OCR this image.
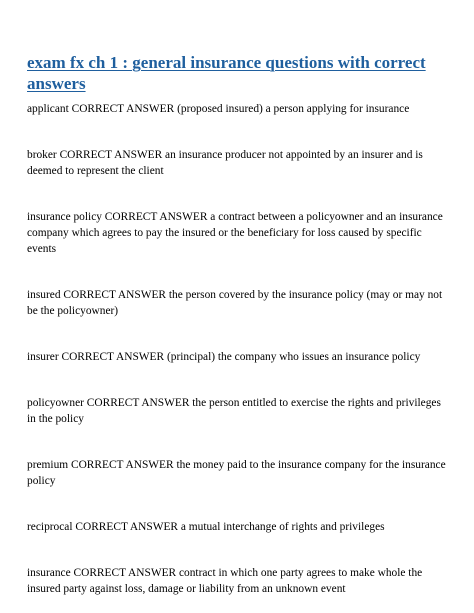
exam fx ch 1 : general insurance questions with correct answers

applicant CORRECT ANSWER (proposed insured) a person applying for insurance

broker CORRECT ANSWER an insurance producer not appointed by an insurer and is deemed to represent the client

insurance policy CORRECT ANSWER a contract between a policyowner and an insurance company which agrees to pay the insured or the beneficiary for loss caused by specific events

insured CORRECT ANSWER the person covered by the insurance policy (may or may not be the policyowner)

insurer CORRECT ANSWER (principal) the company who issues an insurance policy

policyowner CORRECT ANSWER the person entitled to exercise the rights and privileges in the policy

premium CORRECT ANSWER the money paid to the insurance company for the insurance policy

reciprocal CORRECT ANSWER a mutual interchange of rights and privileges

insurance CORRECT ANSWER contract in which one party agrees to make whole the insured party against loss, damage or liability from an unknown event
